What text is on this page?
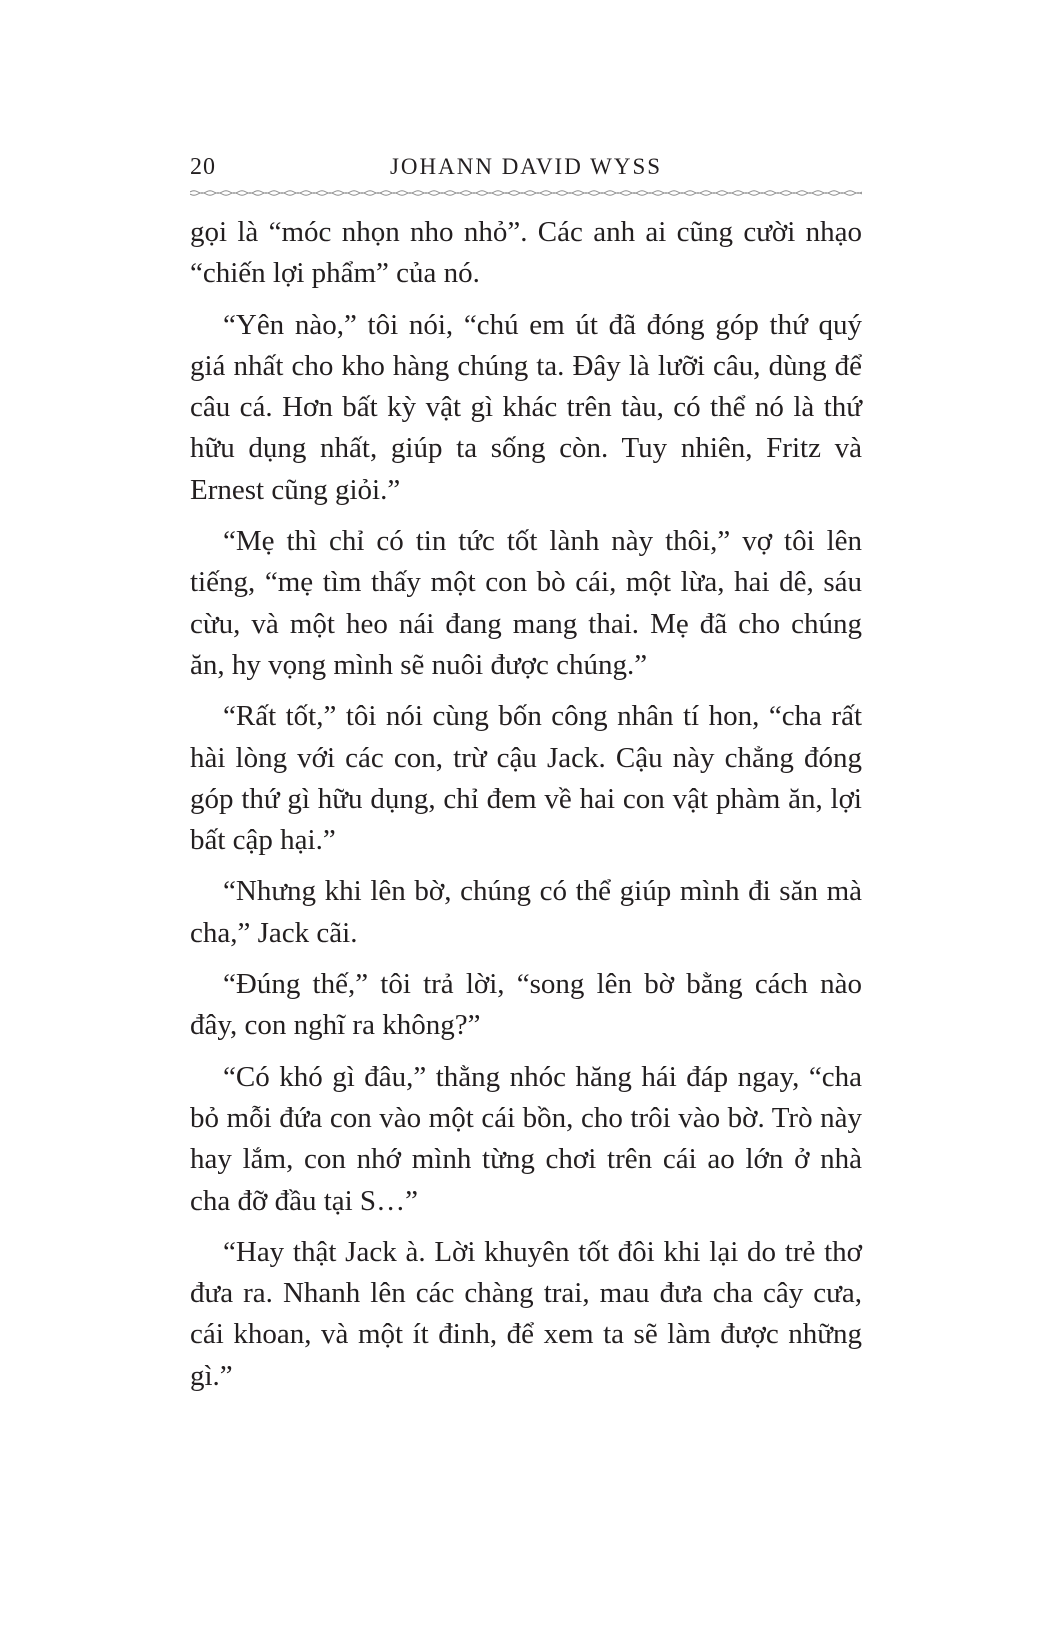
20	JOHANN DAVID WYSS

gọi là “móc nhọn nho nhỏ”. Các anh ai cũng cười nhạo “chiến lợi phẩm” của nó.

“Yên nào,” tôi nói, “chú em út đã đóng góp thứ quý giá nhất cho kho hàng chúng ta. Đây là lưỡi câu, dùng để câu cá. Hơn bất kỳ vật gì khác trên tàu, có thể nó là thứ hữu dụng nhất, giúp ta sống còn. Tuy nhiên, Fritz và Ernest cũng giỏi.”

“Mẹ thì chỉ có tin tức tốt lành này thôi,” vợ tôi lên tiếng, “mẹ tìm thấy một con bò cái, một lừa, hai dê, sáu cừu, và một heo nái đang mang thai. Mẹ đã cho chúng ăn, hy vọng mình sẽ nuôi được chúng.”

“Rất tốt,” tôi nói cùng bốn công nhân tí hon, “cha rất hài lòng với các con, trừ cậu Jack. Cậu này chẳng đóng góp thứ gì hữu dụng, chỉ đem về hai con vật phàm ăn, lợi bất cập hại.”

“Nhưng khi lên bờ, chúng có thể giúp mình đi săn mà cha,” Jack cãi.

“Đúng thế,” tôi trả lời, “song lên bờ bằng cách nào đây, con nghĩ ra không?”

“Có khó gì đâu,” thằng nhóc hăng hái đáp ngay, “cha bỏ mỗi đứa con vào một cái bồn, cho trôi vào bờ. Trò này hay lắm, con nhớ mình từng chơi trên cái ao lớn ở nhà cha đỡ đầu tại S…”

“Hay thật Jack à. Lời khuyên tốt đôi khi lại do trẻ thơ đưa ra. Nhanh lên các chàng trai, mau đưa cha cây cưa, cái khoan, và một ít đinh, để xem ta sẽ làm được những gì.”
